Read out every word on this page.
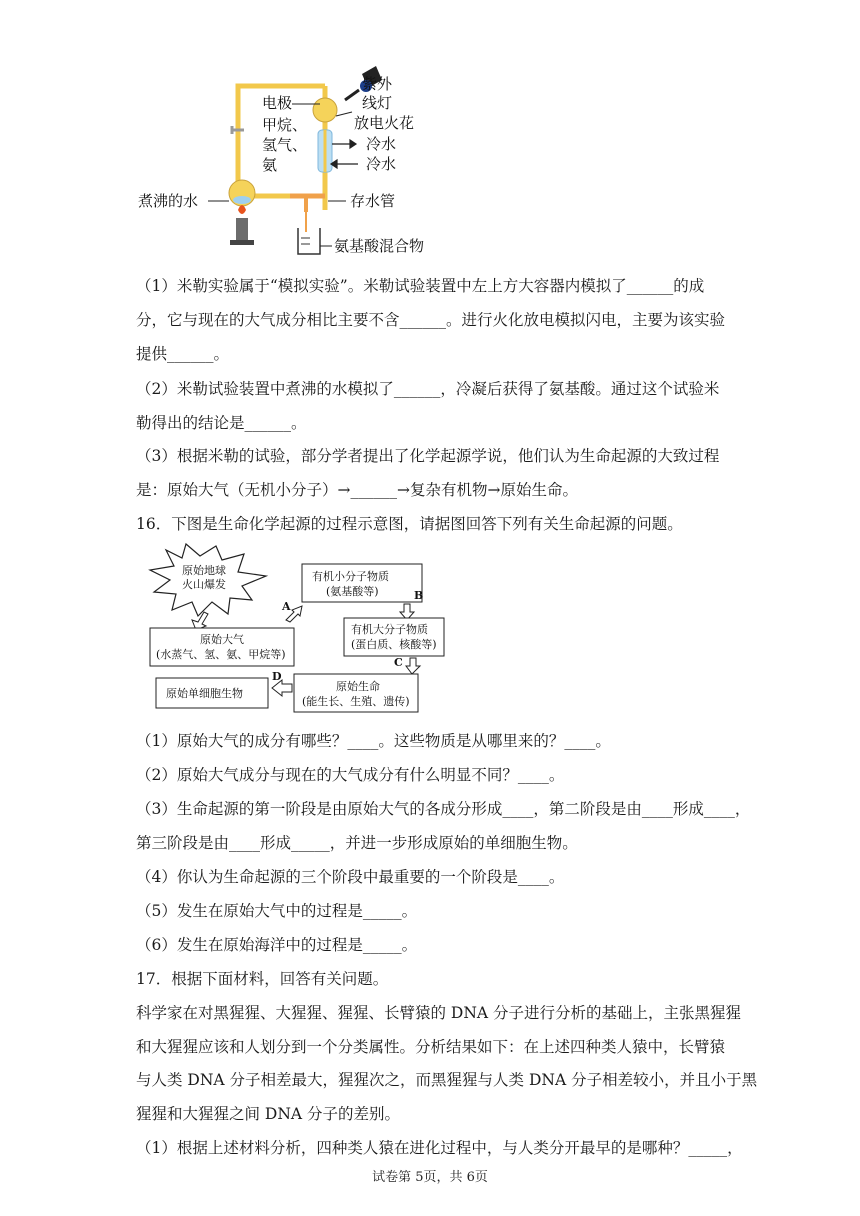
紫外
线灯
电极
甲烷、
氢气、
氨
放电火花
冷水
冷水
煮沸的水	存水管
氨基酸混合物
（1）米勒实验属于“模拟实验”。米勒试验装置中左上方大容器内模拟了______的成
分，它与现在的大气成分相比主要不含______。进行火化放电模拟闪电，主要为该实验
提供______。
（2）米勒试验装置中煮沸的水模拟了______，冷凝后获得了氨基酸。通过这个试验米
勒得出的结论是______。
（3）根据米勒的试验，部分学者提出了化学起源学说，他们认为生命起源的大致过程
是：原始大气（无机小分子）→______→复杂有机物→原始生命。
16．下图是生命化学起源的过程示意图，请据图回答下列有关生命起源的问题。
原始地球
火山爆发
原始大气
(水蒸气、氢、氨、甲烷等)
A
有机小分子物质
(氨基酸等)	B
有机大分子物质
(蛋白质、核酸等)
C
原始生命
(能生长、生殖、遗传)
D
原始单细胞生物
（1）原始大气的成分有哪些？____。这些物质是从哪里来的？____。
（2）原始大气成分与现在的大气成分有什么明显不同？____。
（3）生命起源的第一阶段是由原始大气的各成分形成____，第二阶段是由____形成____，
第三阶段是由____形成_____，并进一步形成原始的单细胞生物。
（4）你认为生命起源的三个阶段中最重要的一个阶段是____。
（5）发生在原始大气中的过程是_____。
（6）发生在原始海洋中的过程是_____。
17．根据下面材料，回答有关问题。
科学家在对黑猩猩、大猩猩、猩猩、长臂猿的 DNA 分子进行分析的基础上，主张黑猩猩
和大猩猩应该和人划分到一个分类属性。分析结果如下：在上述四种类人猿中，长臂猿
与人类 DNA 分子相差最大，猩猩次之，而黑猩猩与人类 DNA 分子相差较小，并且小于黑
猩猩和大猩猩之间 DNA 分子的差别。
（1）根据上述材料分析，四种类人猿在进化过程中，与人类分开最早的是哪种？_____，
试卷第 5页，共 6页
